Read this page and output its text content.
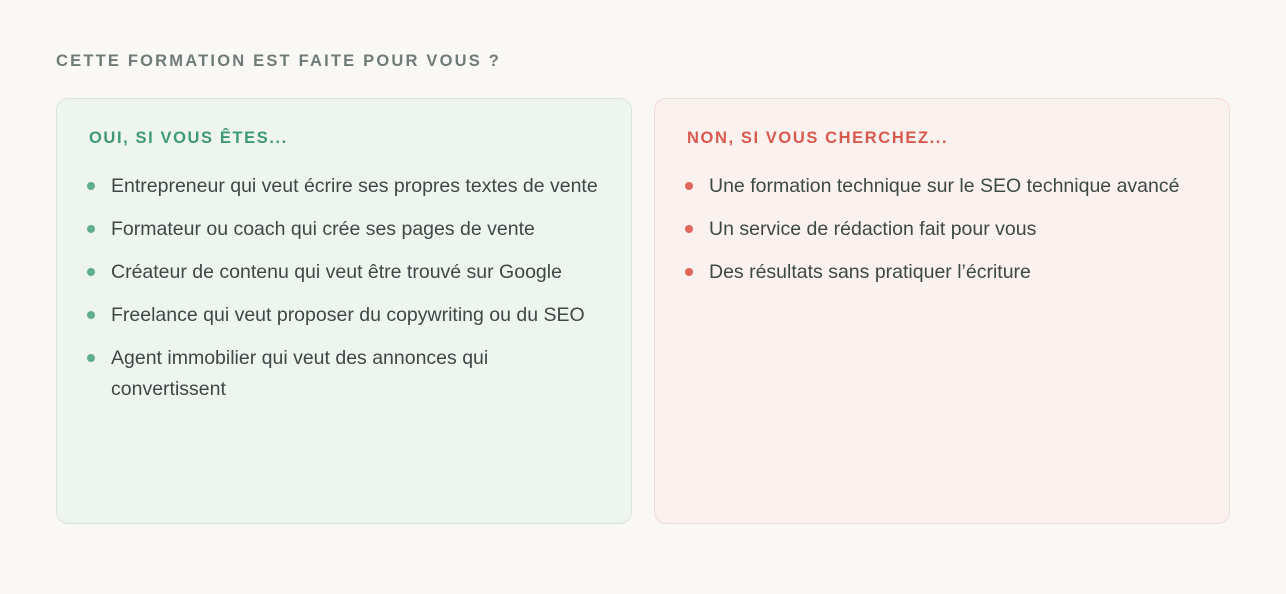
CETTE FORMATION EST FAITE POUR VOUS ?
OUI, SI VOUS ÊTES...
Entrepreneur qui veut écrire ses propres textes de vente
Formateur ou coach qui crée ses pages de vente
Créateur de contenu qui veut être trouvé sur Google
Freelance qui veut proposer du copywriting ou du SEO
Agent immobilier qui veut des annonces qui convertissent
NON, SI VOUS CHERCHEZ...
Une formation technique sur le SEO technique avancé
Un service de rédaction fait pour vous
Des résultats sans pratiquer l’écriture
